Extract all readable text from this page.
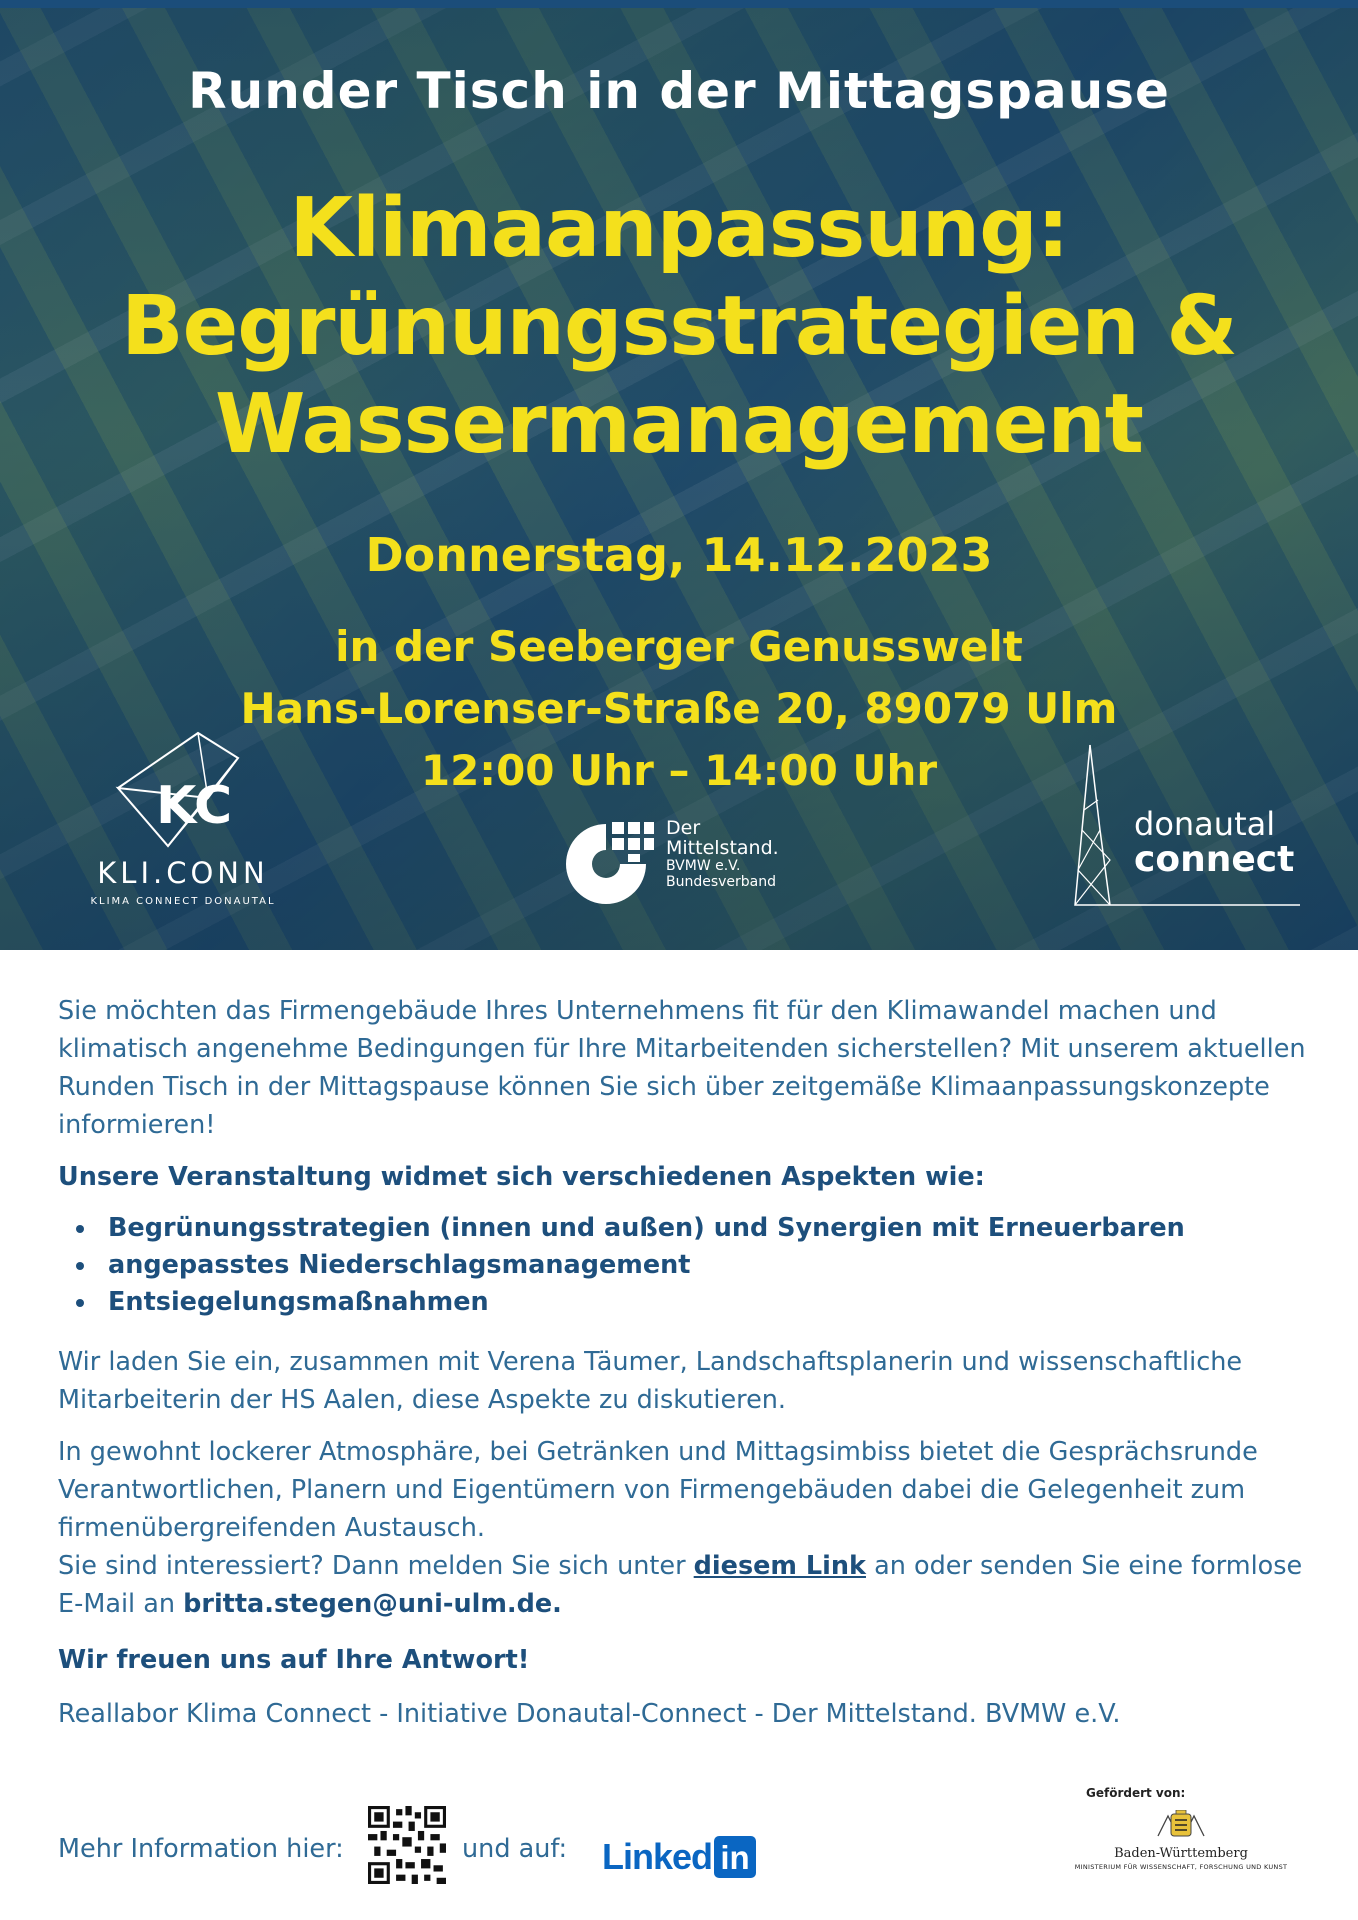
Runder Tisch in der Mittagspause
Klimaanpassung:
Begrünungsstrategien &
Wassermanagement
Donnerstag, 14.12.2023
in der Seeberger Genusswelt
Hans-Lorenser-Straße 20, 89079 Ulm
12:00 Uhr – 14:00 Uhr
KC
KLI.CONN
KLIMA CONNECT DONAUTAL
Der
Mittelstand.
BVMW e.V.
Bundesverband
donautal
connect

Sie möchten das Firmengebäude Ihres Unternehmens fit für den Klimawandel machen und klimatisch angenehme Bedingungen für Ihre Mitarbeitenden sicherstellen? Mit unserem aktuellen Runden Tisch in der Mittagspause können Sie sich über zeitgemäße Klimaanpassungskonzepte informieren!

Unsere Veranstaltung widmet sich verschiedenen Aspekten wie:

Begrünungsstrategien (innen und außen) und Synergien mit Erneuerbaren
angepasstes Niederschlagsmanagement
Entsiegelungsmaßnahmen

Wir laden Sie ein, zusammen mit Verena Täumer, Landschaftsplanerin und wissenschaftliche Mitarbeiterin der HS Aalen, diese Aspekte zu diskutieren.

In gewohnt lockerer Atmosphäre, bei Getränken und Mittagsimbiss bietet die Gesprächsrunde Verantwortlichen, Planern und Eigentümern von Firmengebäuden dabei die Gelegenheit zum firmenübergreifenden Austausch.
Sie sind interessiert? Dann melden Sie sich unter diesem Link an oder senden Sie eine formlose E-Mail an britta.stegen@uni-ulm.de.

Wir freuen uns auf Ihre Antwort!

Reallabor Klima Connect - Initiative Donautal-Connect - Der Mittelstand. BVMW e.V.

Mehr Information hier:	und auf: Linked in
Gefördert von:
Baden-Württemberg
MINISTERIUM FÜR WISSENSCHAFT, FORSCHUNG UND KUNST
